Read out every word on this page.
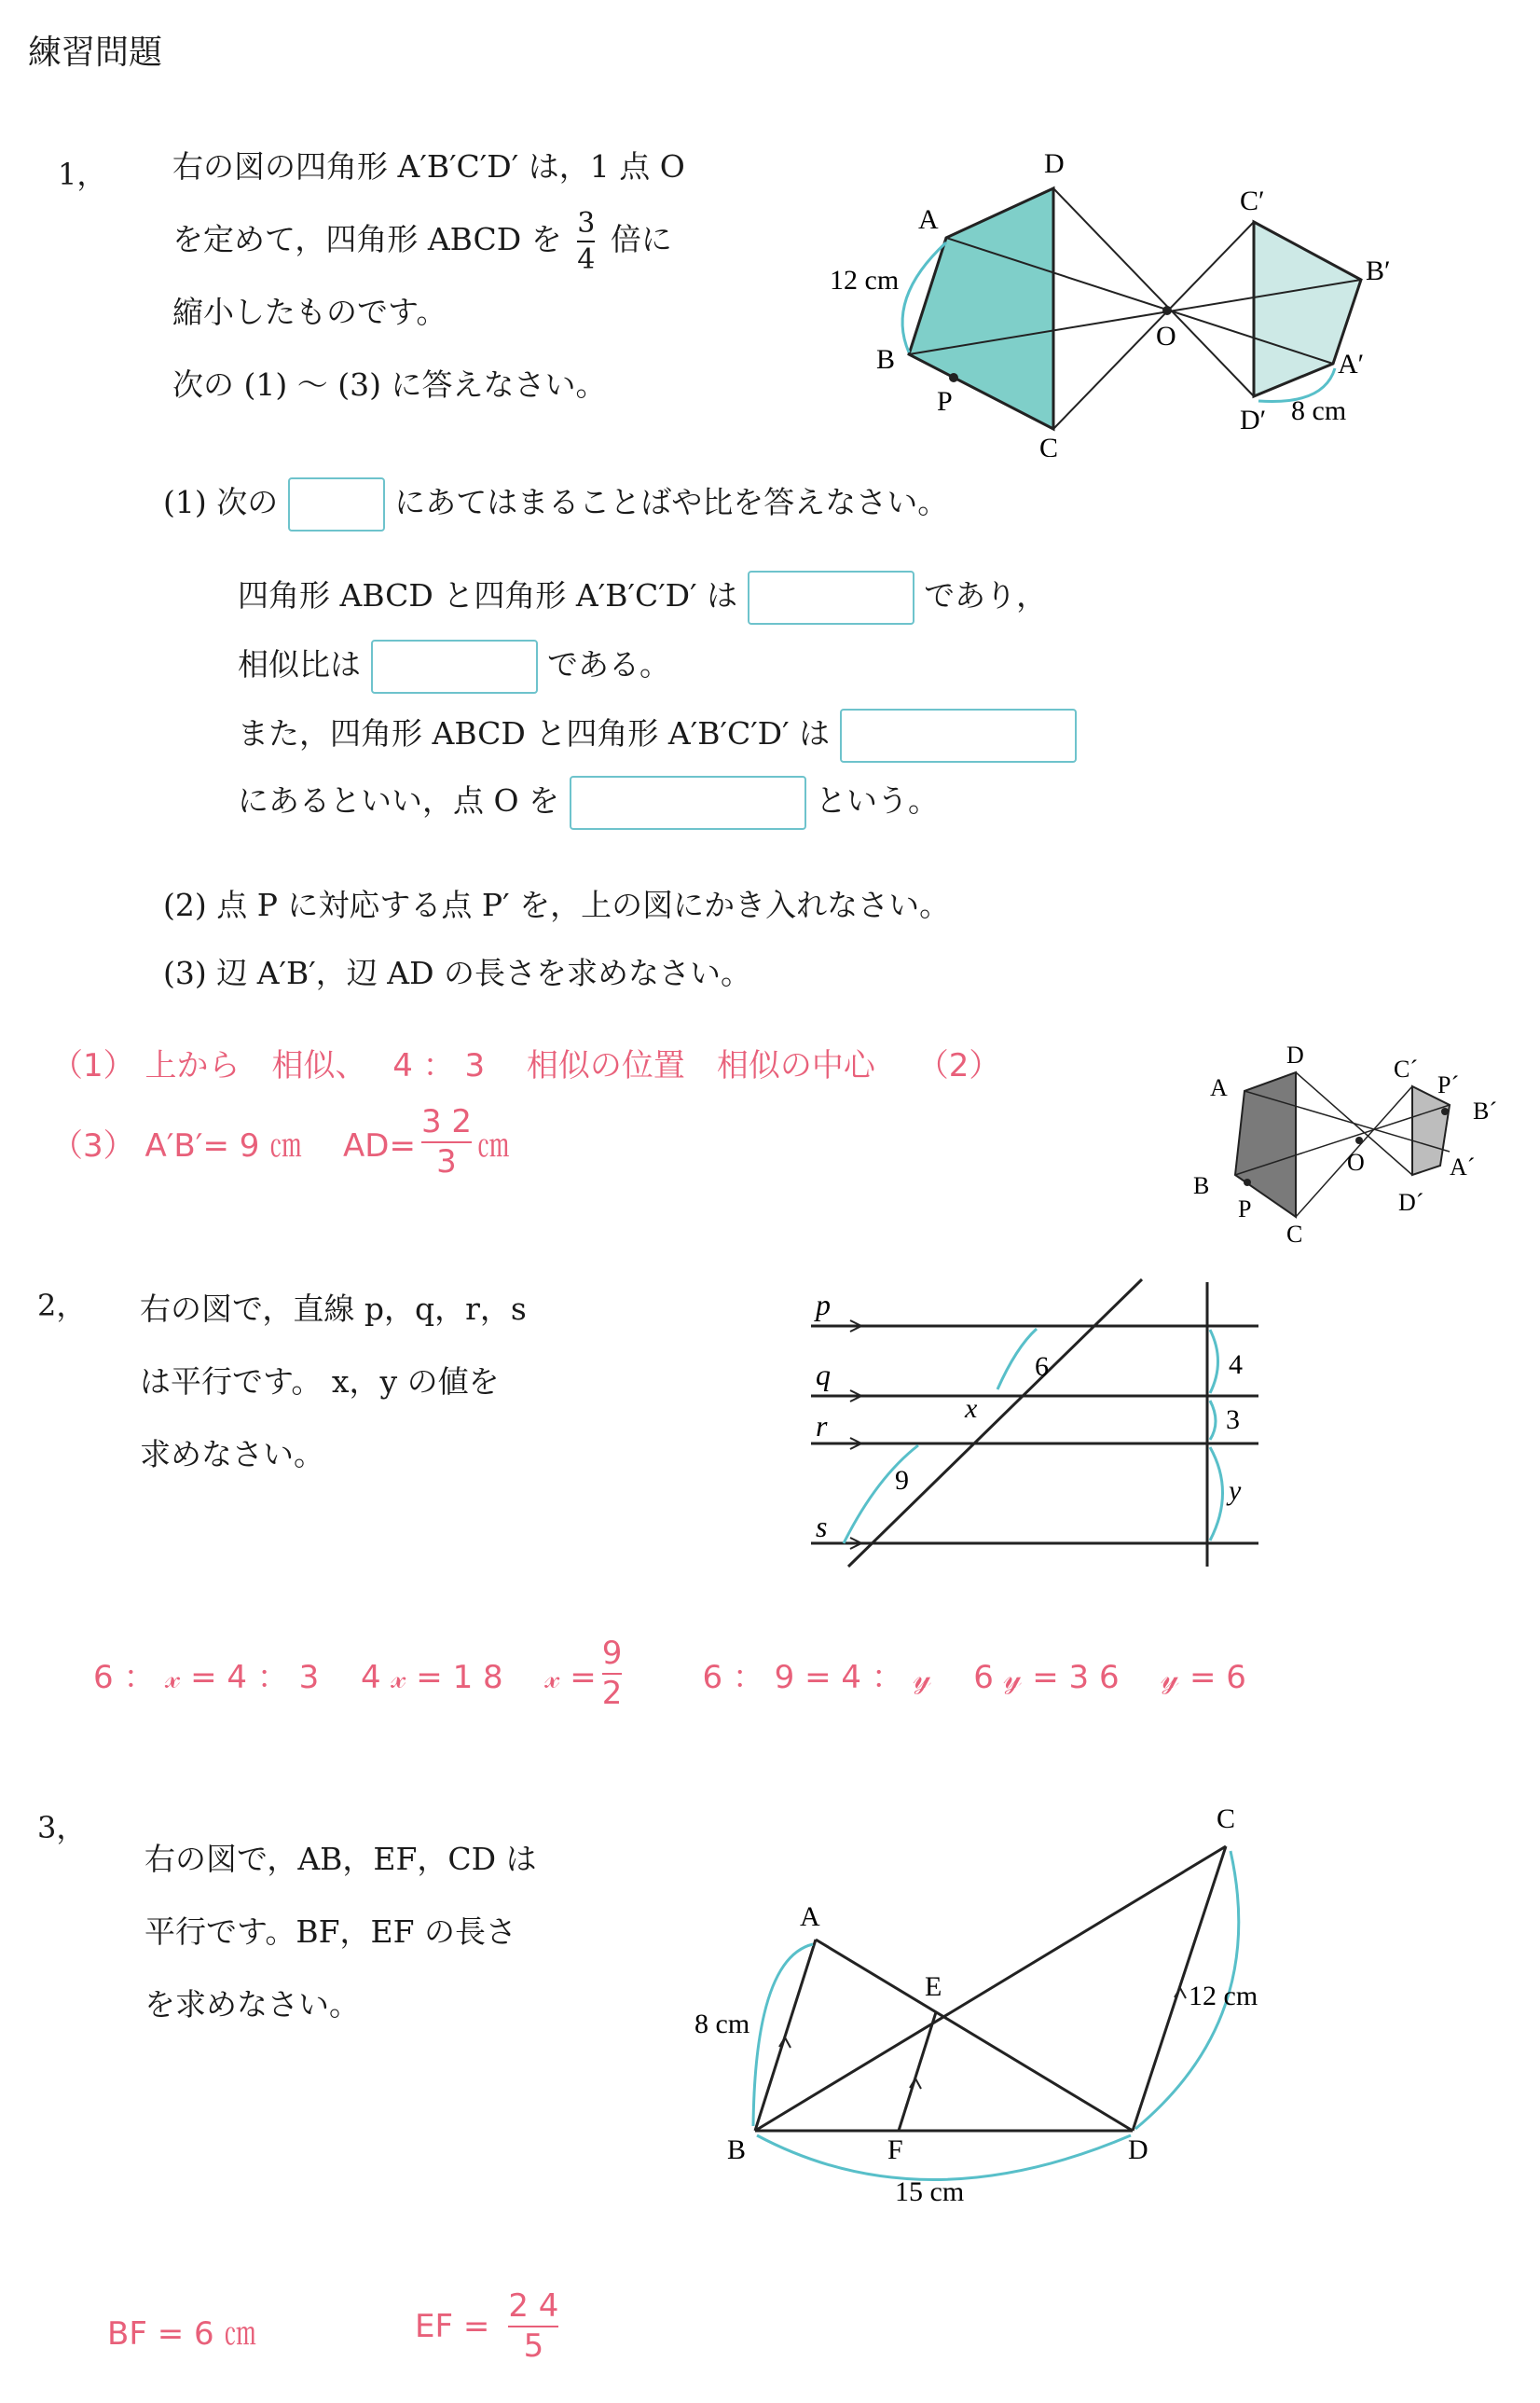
練習問題
1， 右の図の四角形 A′B′C′D′ は，1 点 O
を定めて，四角形 ABCD を $\frac{3}{4}$ 倍に
縮小したものです。
次の (1) 〜 (3) に答えなさい。
D
A
B
P
C
O
C′
B′
A′
D′
12 cm
8 cm
(1) 次の	にあてはまることばや比を答えなさい。
四角形 ABCD と四角形 A′B′C′D′ は	であり，
相似比は	である。
また，四角形 ABCD と四角形 A′B′C′D′ は
にあるといい，点 O を	という。
(2) 点 P に対応する点 P′ を，上の図にかき入れなさい。
(3) 辺 A′B′，辺 AD の長さを求めなさい。
（1） 上から　相似、　 4 ： 3　 相似の位置　相似の中心　 （2）
（3） A′B′= 9 ㎝　 $AD= \frac{3 2}{3}$ ㎝
D
A
B
P
C
O
C´
P´
B´
A´
D´
2， 右の図で，直線 p，q，r，s
は平行です。 x，y の値を
求めなさい。
p
q
r
s
6
x
9
4
3
y
6 ： 𝓍 = 4 ： 3　 4 𝓍 = 1 8　 𝓍 = $\frac{9}{2}$	6 ： 9 = 4 ： 𝓎　 6 𝓎 = 3 6　 𝓎 = 6
3，
右の図で，AB，EF，CD は
平行です。BF，EF の長さ
を求めなさい。
A
B
C
D
E
F
8 cm
12 cm
15 cm
BF = 6 ㎝	EF = $\frac{2 4}{5}$
